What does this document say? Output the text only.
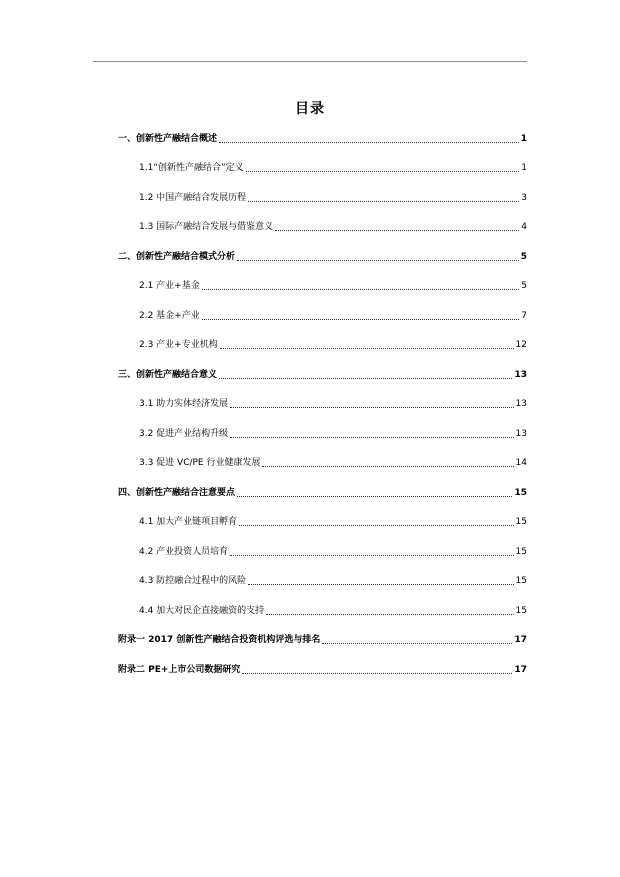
目录
一、创新性产融结合概述	1
1.1“创新性产融结合”定义	1
1.2 中国产融结合发展历程	3
1.3 国际产融结合发展与借鉴意义	4
二、创新性产融结合模式分析	5
2.1 产业+基金	5
2.2 基金+产业	7
2.3 产业+专业机构	12
三、创新性产融结合意义	13
3.1 助力实体经济发展	13
3.2 促进产业结构升级	13
3.3 促进 VC/PE 行业健康发展	14
四、创新性产融结合注意要点	15
4.1 加大产业链项目孵育	15
4.2 产业投资人员培育	15
4.3 防控融合过程中的风险	15
4.4 加大对民企直接融资的支持	15
附录一 2017 创新性产融结合投资机构评选与排名	17
附录二 PE+上市公司数据研究	17
